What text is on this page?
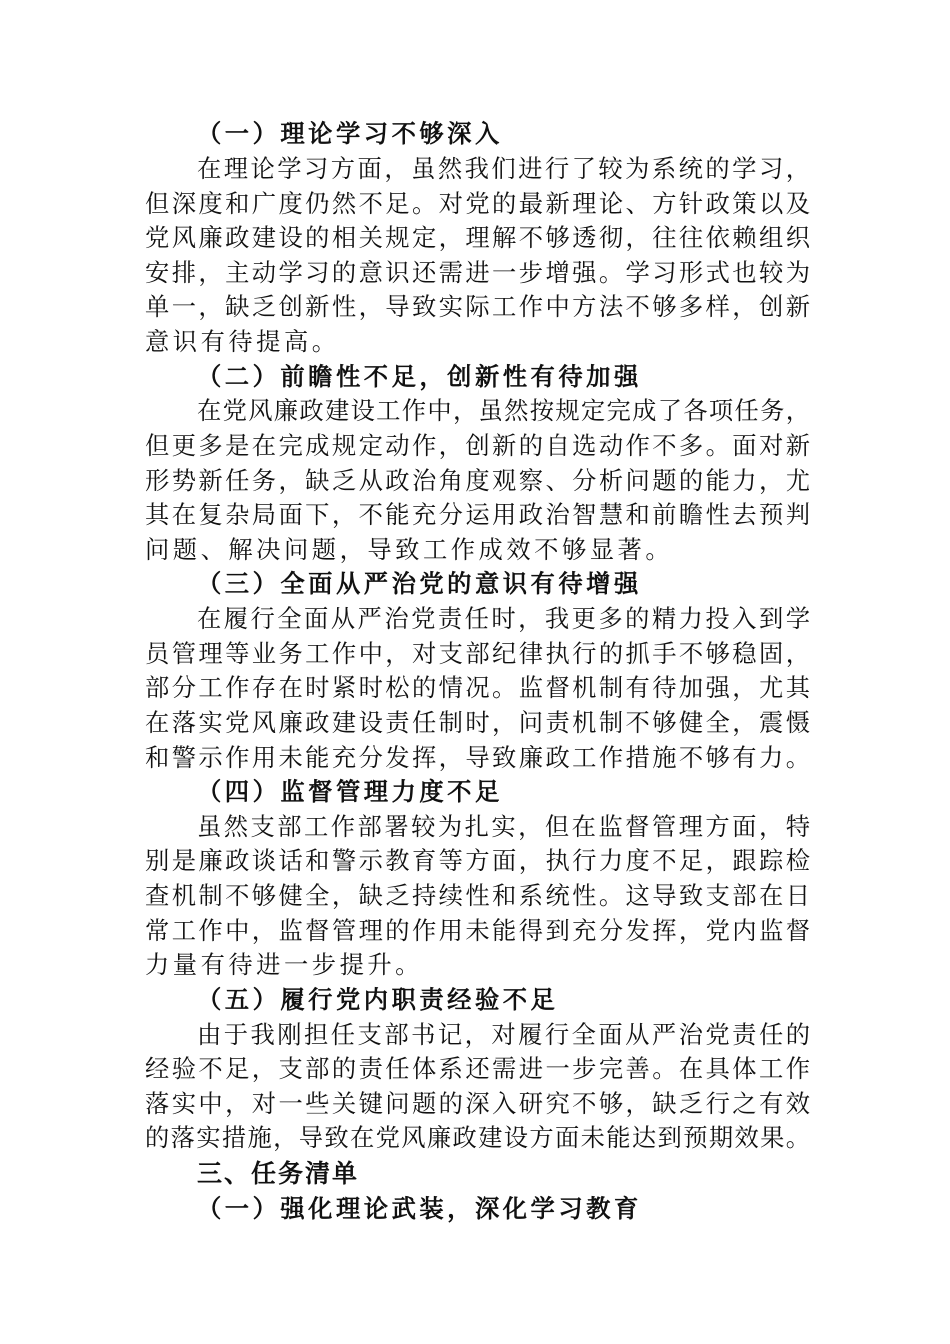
（一）理论学习不够深入
在理论学习方面，虽然我们进行了较为系统的学习，
但深度和广度仍然不足。对党的最新理论、方针政策以及
党风廉政建设的相关规定，理解不够透彻，往往依赖组织
安排，主动学习的意识还需进一步增强。学习形式也较为
单一，缺乏创新性，导致实际工作中方法不够多样，创新
意识有待提高。
（二）前瞻性不足，创新性有待加强
在党风廉政建设工作中，虽然按规定完成了各项任务，
但更多是在完成规定动作，创新的自选动作不多。面对新
形势新任务，缺乏从政治角度观察、分析问题的能力，尤
其在复杂局面下，不能充分运用政治智慧和前瞻性去预判
问题、解决问题，导致工作成效不够显著。
（三）全面从严治党的意识有待增强
在履行全面从严治党责任时，我更多的精力投入到学
员管理等业务工作中，对支部纪律执行的抓手不够稳固，
部分工作存在时紧时松的情况。监督机制有待加强，尤其
在落实党风廉政建设责任制时，问责机制不够健全，震慑
和警示作用未能充分发挥，导致廉政工作措施不够有力。
（四）监督管理力度不足
虽然支部工作部署较为扎实，但在监督管理方面，特
别是廉政谈话和警示教育等方面，执行力度不足，跟踪检
查机制不够健全，缺乏持续性和系统性。这导致支部在日
常工作中，监督管理的作用未能得到充分发挥，党内监督
力量有待进一步提升。
（五）履行党内职责经验不足
由于我刚担任支部书记，对履行全面从严治党责任的
经验不足，支部的责任体系还需进一步完善。在具体工作
落实中，对一些关键问题的深入研究不够，缺乏行之有效
的落实措施，导致在党风廉政建设方面未能达到预期效果。
三、任务清单
（一）强化理论武装，深化学习教育
